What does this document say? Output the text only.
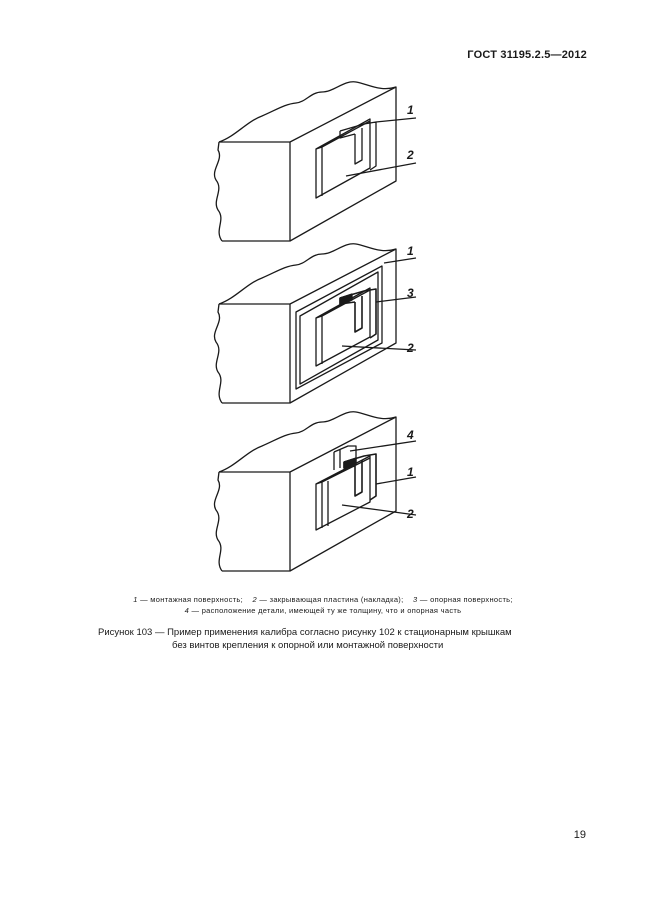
ГОСТ 31195.2.5—2012
1
2
1
3
2
4
1
2
1 — монтажная поверхность; 2 — закрывающая пластина (накладка); 3 — опорная поверхность;
4 — расположение детали, имеющей ту же толщину, что и опорная часть
Рисунок 103 — Пример применения калибра согласно рисунку 102 к стационарным крышкам
без винтов крепления к опорной или монтажной поверхности
19
